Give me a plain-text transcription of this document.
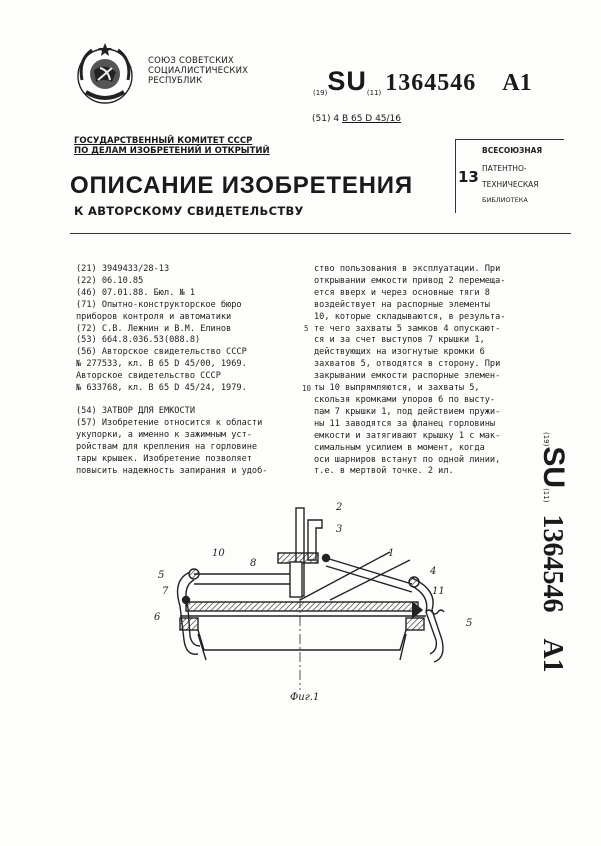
СОЮЗ СОВЕТСКИХ
СОЦИАЛИСТИЧЕСКИХ
РЕСПУБЛИК
(19)SU(11) 1364546 A1
(51) 4 B 65 D 45/16
ГОСУДАРСТВЕННЫЙ КОМИТЕТ СССР
ПО ДЕЛАМ ИЗОБРЕТЕНИЙ И ОТКРЫТИЙ
13
ВСЕСОЮЗНАЯ
ПАТЕНТНО-
ТЕХНИЧЕСКАЯ
БИБЛИОТЕКА
ОПИСАНИЕ ИЗОБРЕТЕНИЯ
К АВТОРСКОМУ СВИДЕТЕЛЬСТВУ
(21) 3949433/28-13
(22) 06.10.85
(46) 07.01.88. Бюл. № 1
(71) Опытно-конструкторское бюро
приборов контроля и автоматики
(72) С.В. Лежнин и В.М. Елинов
(53) 664.8.036.53(088.8)
(56) Авторское свидетельство СССР
№ 277533, кл. B 65 D 45/00, 1969.
Авторское свидетельство СССР
№ 633768, кл. B 65 D 45/24, 1979.
(54) ЗАТВОР ДЛЯ ЕМКОСТИ
(57) Изобретение относится к области
укупорки, а именно к зажимным уст-
ройствам для крепления на горловине
тары крышек. Изобретение позволяет
повысить надежность запирания и удоб-
ство пользования в эксплуатации. При
открывании емкости привод 2 перемеща-
ется вверх и через основные тяги 8
воздействует на распорные элементы
10, которые складываются, в результа-
те чего захваты 5 замков 4 опускают-
ся и за счет выступов 7 крышки 1,
действующих на изогнутые кромки 6
захватов 5, отводятся в сторону. При
закрывании емкости распорные элемен-
ты 10 выпрямляются, и захваты 5,
скользя кромками упоров 6 по высту-
пам 7 крышки 1, под действием пружи-
ны 11 заводятся за фланец горловины
емкости и затягивают крышку 1 с мак-
симальным усилием в момент, когда
оси шарниров встанут по одной линии,
т.е. в мертвой точке. 2 ил.
5
10
(19)SU(11)1364546A1
2
3
10
8
1
4
5
7	11
6
5
Фиг.1
